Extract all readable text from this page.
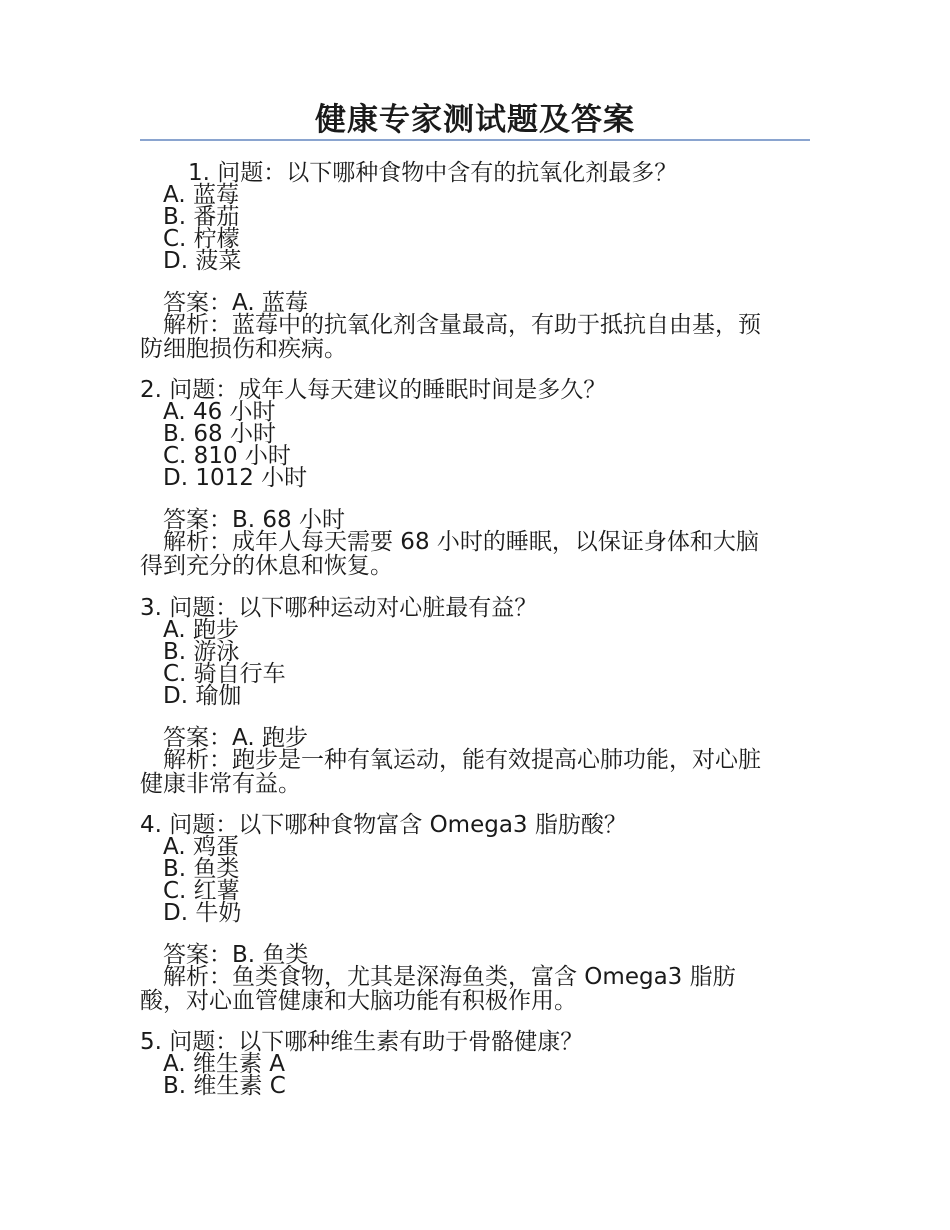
健康专家测试题及答案
1. 问题：以下哪种食物中含有的抗氧化剂最多？
A. 蓝莓
B. 番茄
C. 柠檬
D. 菠菜
答案：A. 蓝莓
解析：蓝莓中的抗氧化剂含量最高，有助于抵抗自由基，预
防细胞损伤和疾病。
2. 问题：成年人每天建议的睡眠时间是多久？
A. 46 小时
B. 68 小时
C. 810 小时
D. 1012 小时
答案：B. 68 小时
解析：成年人每天需要 68 小时的睡眠，以保证身体和大脑
得到充分的休息和恢复。
3. 问题：以下哪种运动对心脏最有益？
A. 跑步
B. 游泳
C. 骑自行车
D. 瑜伽
答案：A. 跑步
解析：跑步是一种有氧运动，能有效提高心肺功能，对心脏
健康非常有益。
4. 问题：以下哪种食物富含 Omega3 脂肪酸？
A. 鸡蛋
B. 鱼类
C. 红薯
D. 牛奶
答案：B. 鱼类
解析：鱼类食物，尤其是深海鱼类，富含 Omega3 脂肪
酸，对心血管健康和大脑功能有积极作用。
5. 问题：以下哪种维生素有助于骨骼健康？
A. 维生素 A
B. 维生素 C
